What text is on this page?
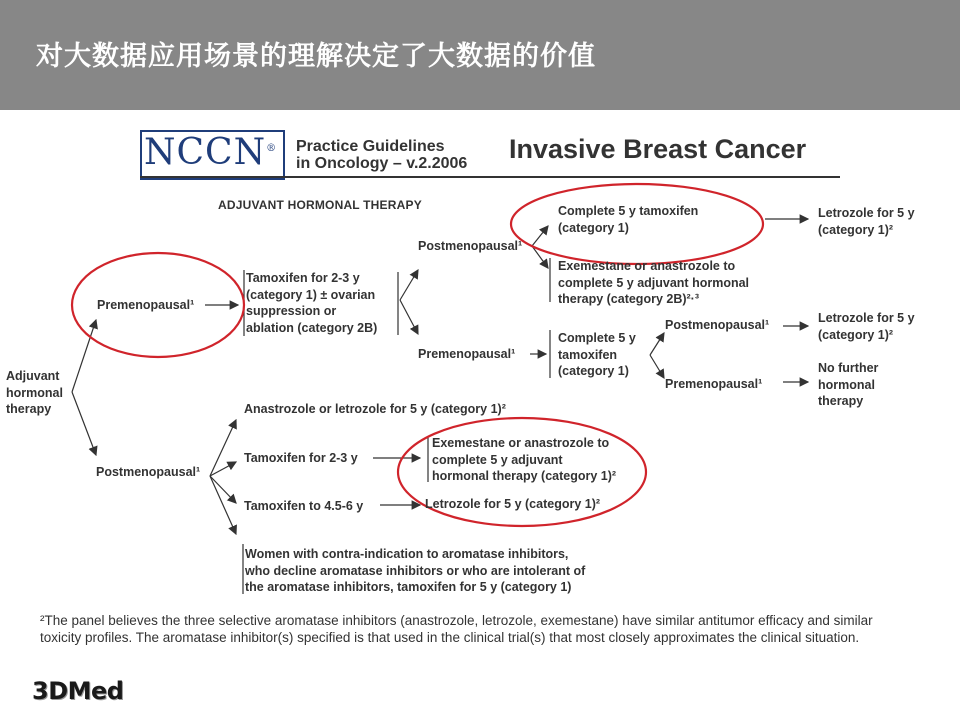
对大数据应用场景的理解决定了大数据的价值
NCCN® Practice Guidelines
in Oncology – v.2.2006 Invasive Breast Cancer
ADJUVANT HORMONAL THERAPY
Adjuvant
hormonal
therapy
Premenopausal¹
Postmenopausal¹
Tamoxifen for 2-3 y
(category 1) ± ovarian
suppression or
ablation (category 2B)
Postmenopausal¹
Premenopausal¹
Complete 5 y tamoxifen
(category 1)
Letrozole for 5 y
(category 1)²
Exemestane or anastrozole to
complete 5 y adjuvant hormonal
therapy (category 2B)²·³
Complete 5 y
tamoxifen
(category 1)
Postmenopausal¹
Premenopausal¹
Letrozole for 5 y
(category 1)²
No further
hormonal
therapy
Anastrozole or letrozole for 5 y (category 1)²
Tamoxifen for 2-3 y
Tamoxifen to 4.5-6 y
Exemestane or anastrozole to
complete 5 y adjuvant
hormonal therapy (category 1)²
Letrozole for 5 y (category 1)²
Women with contra-indication to aromatase inhibitors,
who decline aromatase inhibitors or who are intolerant of
the aromatase inhibitors, tamoxifen for 5 y (category 1)
²The panel believes the three selective aromatase inhibitors (anastrozole, letrozole, exemestane) have similar antitumor efficacy and similar
toxicity profiles. The aromatase inhibitor(s) specified is that used in the clinical trial(s) that most closely approximates the clinical situation.
3DMed
